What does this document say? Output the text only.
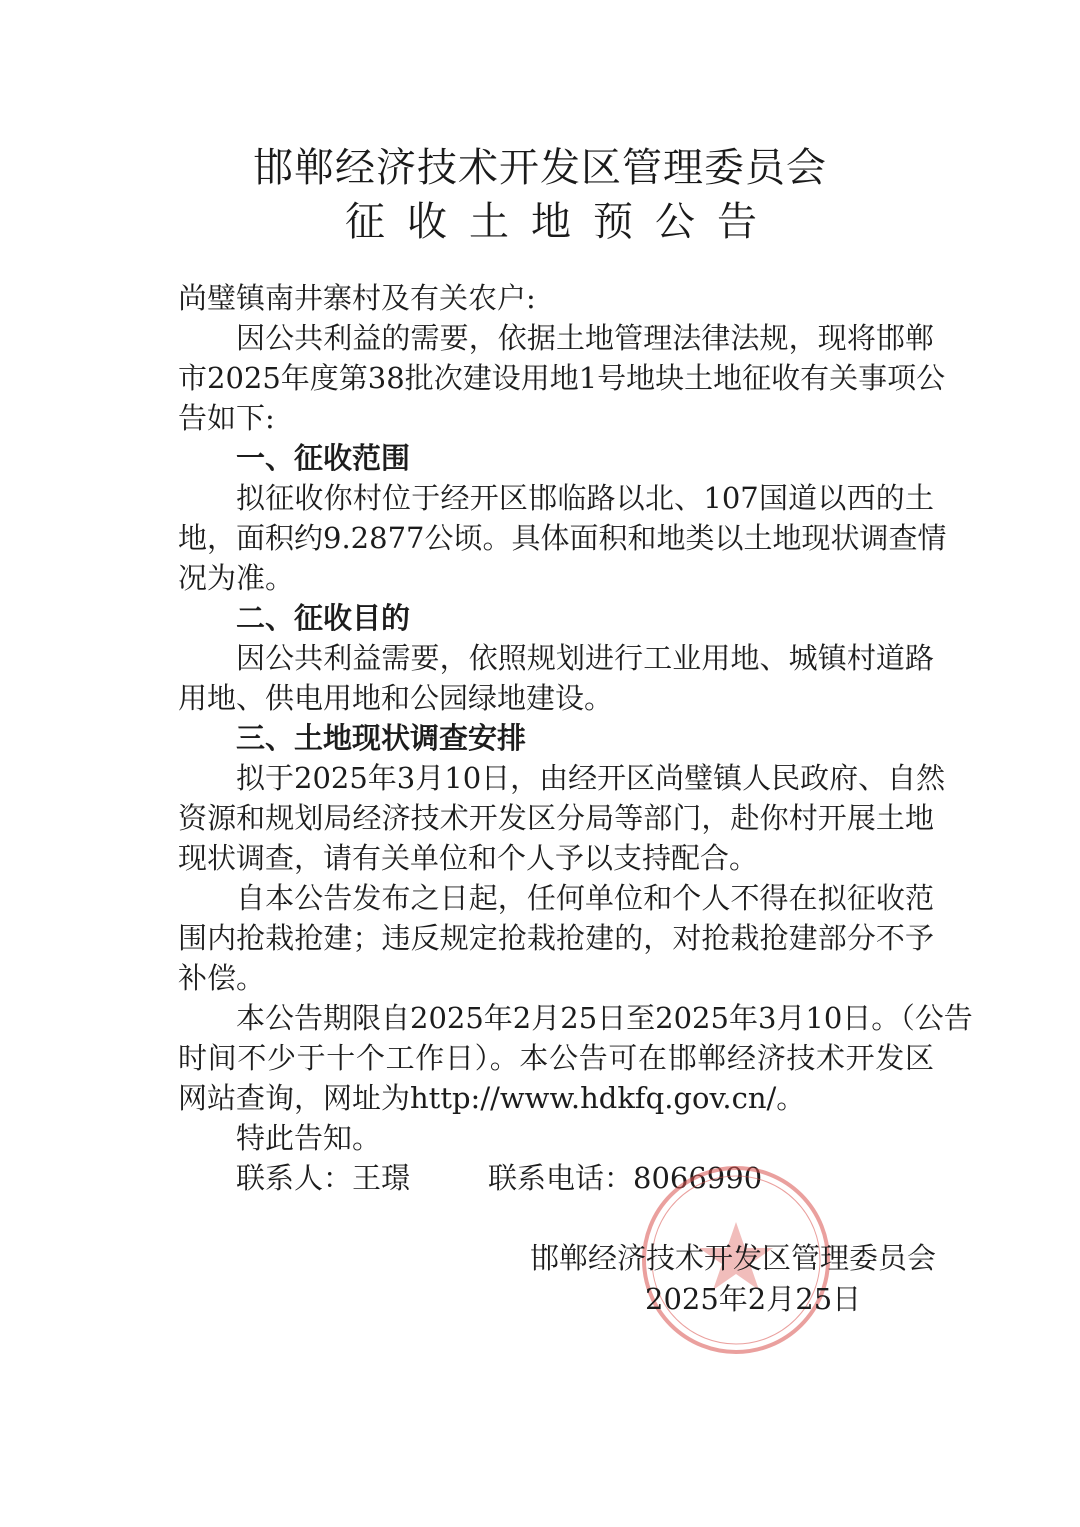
邯郸经济技术开发区管理委员会
征收土地预公告

尚璧镇南井寨村及有关农户:

因公共利益的需要，依据土地管理法律法规，现将邯郸

市2025年度第38批次建设用地1号地块土地征收有关事项公

告如下:

一、征收范围

拟征收你村位于经开区邯临路以北、107国道以西的土

地，面积约9.2877公顷。具体面积和地类以土地现状调查情

况为准。

二、征收目的

因公共利益需要，依照规划进行工业用地、城镇村道路

用地、供电用地和公园绿地建设。

三、土地现状调查安排

拟于2025年3月10日，由经开区尚璧镇人民政府、自然

资源和规划局经济技术开发区分局等部门，赴你村开展土地

现状调查，请有关单位和个人予以支持配合。

自本公告发布之日起，任何单位和个人不得在拟征收范

围内抢栽抢建；违反规定抢栽抢建的，对抢栽抢建部分不予

补偿。

本公告期限自2025年2月25日至2025年3月10日。（公告

时间不少于十个工作日）。本公告可在邯郸经济技术开发区

网站查询，网址为http://www.hdkfq.gov.cn/。

特此告知。

联系人：王璟	联系电话：8066990

邯郸经济技术开发区管理委员会

2025年2月25日
